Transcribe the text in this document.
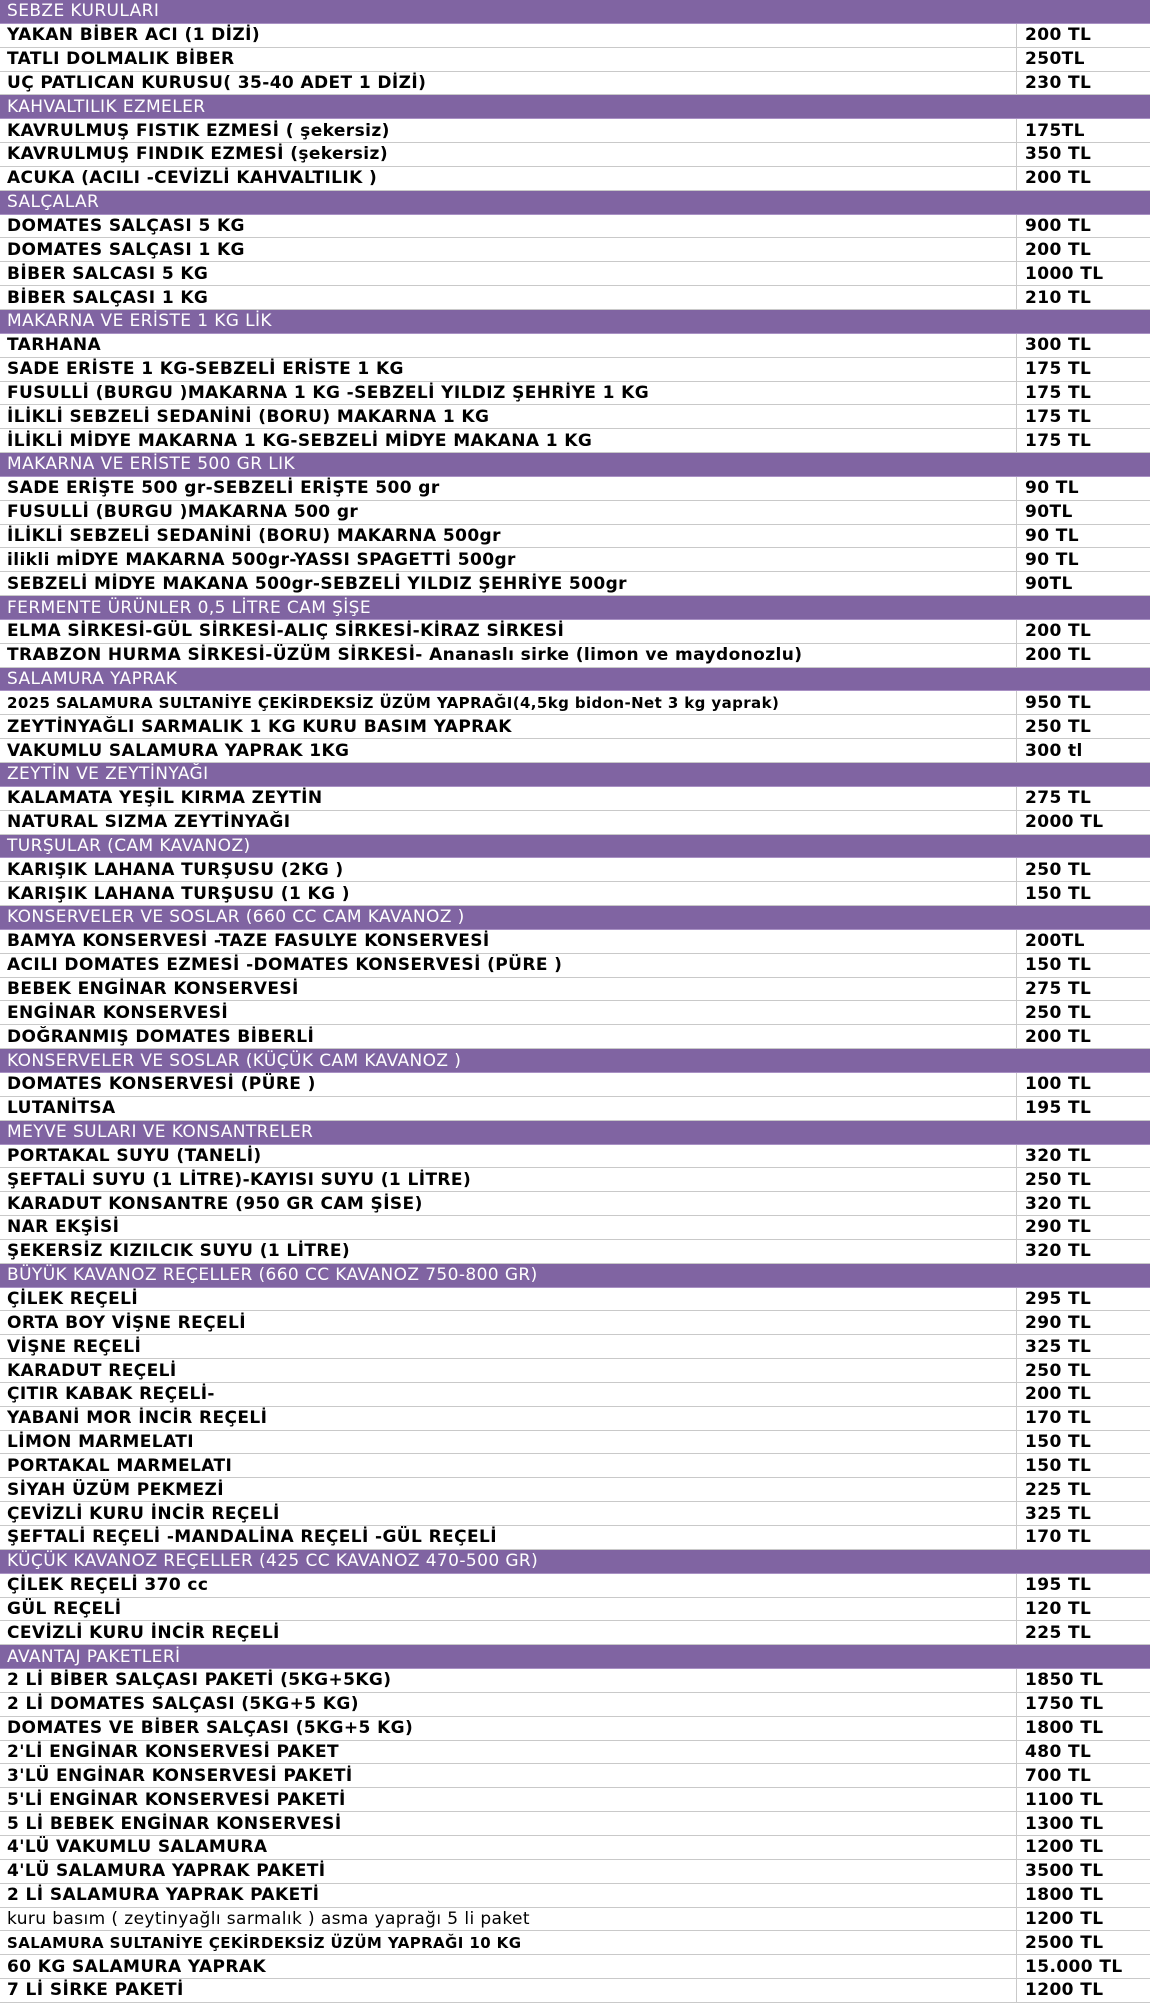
SEBZE KURULARI
YAKAN BİBER ACI (1 DİZİ)	200 TL
TATLI DOLMALIK BİBER	250TL
UÇ PATLICAN KURUSU( 35-40 ADET 1 DİZİ)	230 TL
KAHVALTILIK EZMELER
KAVRULMUŞ FISTIK EZMESİ ( şekersiz)	175TL
KAVRULMUŞ FINDIK EZMESİ (şekersiz)	350 TL
ACUKA (ACILI -CEVİZLİ KAHVALTILIK )	200 TL
SALÇALAR
DOMATES SALÇASI 5 KG	900 TL
DOMATES SALÇASI 1 KG	200 TL
BİBER SALCASI 5 KG	1000 TL
BİBER SALÇASI 1 KG	210 TL
MAKARNA VE ERİSTE 1 KG LİK
TARHANA	300 TL
SADE ERİSTE 1 KG-SEBZELİ ERİSTE 1 KG	175 TL
FUSULLİ (BURGU )MAKARNA 1 KG -SEBZELİ YILDIZ ŞEHRİYE 1 KG	175 TL
İLİKLİ SEBZELİ SEDANİNİ (BORU) MAKARNA 1 KG	175 TL
İLİKLİ MİDYE MAKARNA 1 KG-SEBZELİ MİDYE MAKANA 1 KG	175 TL
MAKARNA VE ERİSTE 500 GR LIK
SADE ERİŞTE 500 gr-SEBZELİ ERİŞTE 500 gr	90 TL
FUSULLİ (BURGU )MAKARNA 500 gr	90TL
İLİKLİ SEBZELİ SEDANİNİ (BORU) MAKARNA 500gr	90 TL
ilikli mİDYE MAKARNA 500gr-YASSI SPAGETTİ 500gr	90 TL
SEBZELİ MİDYE MAKANA 500gr-SEBZELİ YILDIZ ŞEHRİYE 500gr	90TL
FERMENTE ÜRÜNLER 0,5 LİTRE CAM ŞİŞE
ELMA SİRKESİ-GÜL SİRKESİ-ALIÇ SİRKESİ-KİRAZ SİRKESİ	200 TL
TRABZON HURMA SİRKESİ-ÜZÜM SİRKESİ- Ananaslı sirke (limon ve maydonozlu)	200 TL
SALAMURA YAPRAK
2025 SALAMURA SULTANİYE ÇEKİRDEKSİZ ÜZÜM YAPRAĞI(4,5kg bidon-Net 3 kg yaprak)	950 TL
ZEYTİNYAĞLI SARMALIK 1 KG KURU BASIM YAPRAK	250 TL
VAKUMLU SALAMURA YAPRAK 1KG	300 tl
ZEYTİN VE ZEYTİNYAĞI
KALAMATA YEŞİL KIRMA ZEYTİN	275 TL
NATURAL SIZMA ZEYTİNYAĞI	2000 TL
TURŞULAR (CAM KAVANOZ)
KARIŞIK LAHANA TURŞUSU (2KG )	250 TL
KARIŞIK LAHANA TURŞUSU (1 KG )	150 TL
KONSERVELER VE SOSLAR (660 CC CAM KAVANOZ )
BAMYA KONSERVESİ -TAZE FASULYE KONSERVESİ	200TL
ACILI DOMATES EZMESİ -DOMATES KONSERVESİ (PÜRE )	150 TL
BEBEK ENGİNAR KONSERVESİ	275 TL
ENGİNAR KONSERVESİ	250 TL
DOĞRANMIŞ DOMATES BİBERLİ	200 TL
KONSERVELER VE SOSLAR (KÜÇÜK CAM KAVANOZ )
DOMATES KONSERVESİ (PÜRE )	100 TL
LUTANİTSA	195 TL
MEYVE SULARI VE KONSANTRELER
PORTAKAL SUYU (TANELİ)	320 TL
ŞEFTALİ SUYU (1 LİTRE)-KAYISI SUYU (1 LİTRE)	250 TL
KARADUT KONSANTRE (950 GR CAM ŞİSE)	320 TL
NAR EKŞİSİ	290 TL
ŞEKERSİZ KIZILCIK SUYU (1 LİTRE)	320 TL
BÜYÜK KAVANOZ REÇELLER (660 CC KAVANOZ 750-800 GR)
ÇİLEK REÇELİ	295 TL
ORTA BOY VİŞNE REÇELİ	290 TL
VİŞNE REÇELİ	325 TL
KARADUT REÇELİ	250 TL
ÇITIR KABAK REÇELİ-	200 TL
YABANİ MOR İNCİR REÇELİ	170 TL
LİMON MARMELATI	150 TL
PORTAKAL MARMELATI	150 TL
SİYAH ÜZÜM PEKMEZİ	225 TL
ÇEVİZLİ KURU İNCİR REÇELİ	325 TL
ŞEFTALİ REÇELİ -MANDALİNA REÇELİ -GÜL REÇELİ	170 TL
KÜÇÜK KAVANOZ REÇELLER (425 CC KAVANOZ 470-500 GR)
ÇİLEK REÇELİ 370 cc	195 TL
GÜL REÇELİ	120 TL
CEVİZLİ KURU İNCİR REÇELİ	225 TL
AVANTAJ PAKETLERİ
2 Lİ BİBER SALÇASI PAKETİ (5KG+5KG)	1850 TL
2 Lİ DOMATES SALÇASI (5KG+5 KG)	1750 TL
DOMATES VE BİBER SALÇASI (5KG+5 KG)	1800 TL
2'Lİ ENGİNAR KONSERVESİ PAKET	480 TL
3'LÜ ENGİNAR KONSERVESİ PAKETİ	700 TL
5'Lİ ENGİNAR KONSERVESİ PAKETİ	1100 TL
5 Lİ BEBEK ENGİNAR KONSERVESİ	1300 TL
4'LÜ VAKUMLU SALAMURA	1200 TL
4'LÜ SALAMURA YAPRAK PAKETİ	3500 TL
2 Lİ SALAMURA YAPRAK PAKETİ	1800 TL
kuru basım ( zeytinyağlı sarmalık ) asma yaprağı 5 li paket	1200 TL
SALAMURA SULTANİYE ÇEKİRDEKSİZ ÜZÜM YAPRAĞI 10 KG	2500 TL
60 KG SALAMURA YAPRAK	15.000 TL
7 Lİ SİRKE PAKETİ	1200 TL
